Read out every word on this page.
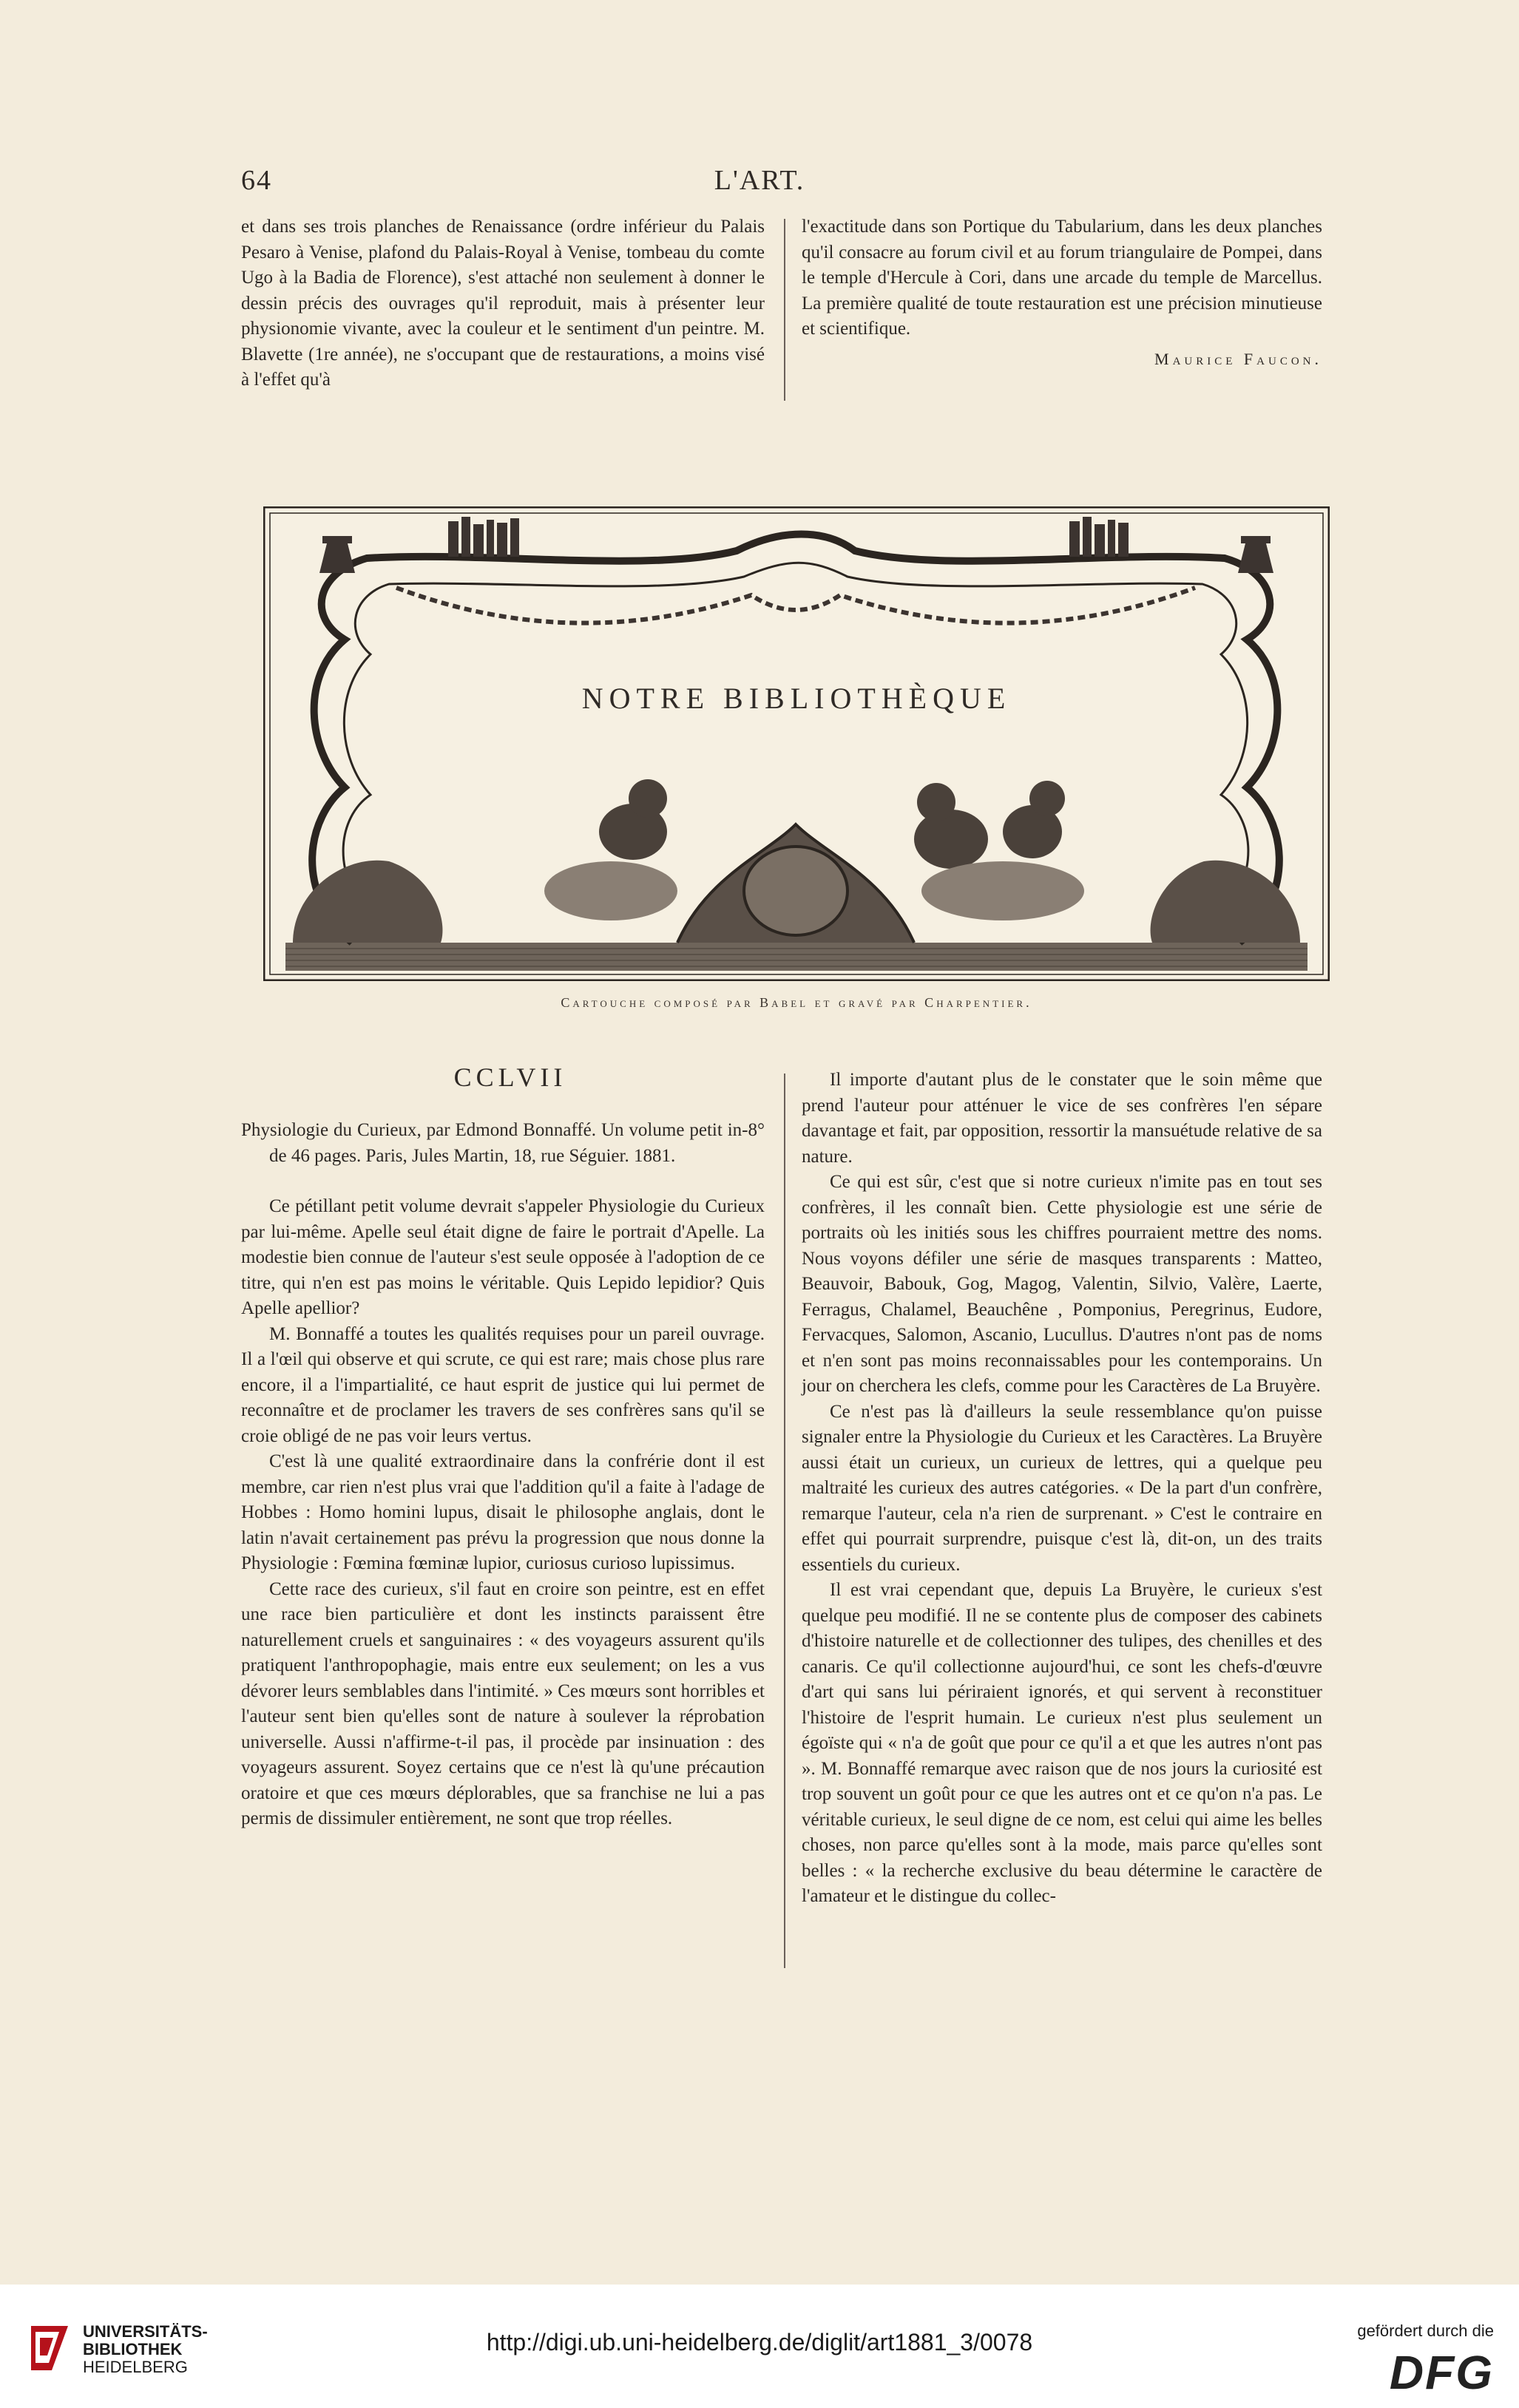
64	L'ART.

et dans ses trois planches de Renaissance (ordre inférieur du Palais Pesaro à Venise, plafond du Palais-Royal à Venise, tombeau du comte Ugo à la Badia de Florence), s'est attaché non seulement à donner le dessin précis des ouvrages qu'il reproduit, mais à présenter leur physionomie vivante, avec la couleur et le sentiment d'un peintre. M. Blavette (1re année), ne s'occupant que de restaurations, a moins visé à l'effet qu'à

l'exactitude dans son Portique du Tabularium, dans les deux planches qu'il consacre au forum civil et au forum triangulaire de Pompei, dans le temple d'Hercule à Cori, dans une arcade du temple de Marcellus. La première qualité de toute restauration est une précision minutieuse et scientifique.

Maurice Faucon.
NOTRE BIBLIOTHÈQUE
Cartouche composé par Babel et gravé par Charpentier.
CCLVII

Physiologie du Curieux, par Edmond Bonnaffé. Un volume petit in-8° de 46 pages. Paris, Jules Martin, 18, rue Séguier. 1881.

Ce pétillant petit volume devrait s'appeler Physiologie du Curieux par lui-même. Apelle seul était digne de faire le portrait d'Apelle. La modestie bien connue de l'auteur s'est seule opposée à l'adoption de ce titre, qui n'en est pas moins le véritable. Quis Lepido lepidior? Quis Apelle apellior?

M. Bonnaffé a toutes les qualités requises pour un pareil ouvrage. Il a l'œil qui observe et qui scrute, ce qui est rare; mais chose plus rare encore, il a l'impartialité, ce haut esprit de justice qui lui permet de reconnaître et de proclamer les travers de ses confrères sans qu'il se croie obligé de ne pas voir leurs vertus.

C'est là une qualité extraordinaire dans la confrérie dont il est membre, car rien n'est plus vrai que l'addition qu'il a faite à l'adage de Hobbes : Homo homini lupus, disait le philosophe anglais, dont le latin n'avait certainement pas prévu la progression que nous donne la Physiologie : Fœmina fœminæ lupior, curiosus curioso lupissimus.

Cette race des curieux, s'il faut en croire son peintre, est en effet une race bien particulière et dont les instincts paraissent être naturellement cruels et sanguinaires : « des voyageurs assurent qu'ils pratiquent l'anthropophagie, mais entre eux seulement; on les a vus dévorer leurs semblables dans l'intimité. » Ces mœurs sont horribles et l'auteur sent bien qu'elles sont de nature à soulever la réprobation universelle. Aussi n'affirme-t-il pas, il procède par insinuation : des voyageurs assurent. Soyez certains que ce n'est là qu'une précaution oratoire et que ces mœurs déplorables, que sa franchise ne lui a pas permis de dissimuler entièrement, ne sont que trop réelles.

Il importe d'autant plus de le constater que le soin même que prend l'auteur pour atténuer le vice de ses confrères l'en sépare davantage et fait, par opposition, ressortir la mansuétude relative de sa nature.

Ce qui est sûr, c'est que si notre curieux n'imite pas en tout ses confrères, il les connaît bien. Cette physiologie est une série de portraits où les initiés sous les chiffres pourraient mettre des noms. Nous voyons défiler une série de masques transparents : Matteo, Beauvoir, Babouk, Gog, Magog, Valentin, Silvio, Valère, Laerte, Ferragus, Chalamel, Beauchêne , Pomponius, Peregrinus, Eudore, Fervacques, Salomon, Ascanio, Lucullus. D'autres n'ont pas de noms et n'en sont pas moins reconnaissables pour les contemporains. Un jour on cherchera les clefs, comme pour les Caractères de La Bruyère.

Ce n'est pas là d'ailleurs la seule ressemblance qu'on puisse signaler entre la Physiologie du Curieux et les Caractères. La Bruyère aussi était un curieux, un curieux de lettres, qui a quelque peu maltraité les curieux des autres catégories. « De la part d'un confrère, remarque l'auteur, cela n'a rien de surprenant. » C'est le contraire en effet qui pourrait surprendre, puisque c'est là, dit-on, un des traits essentiels du curieux.

Il est vrai cependant que, depuis La Bruyère, le curieux s'est quelque peu modifié. Il ne se contente plus de composer des cabinets d'histoire naturelle et de collectionner des tulipes, des chenilles et des canaris. Ce qu'il collectionne aujourd'hui, ce sont les chefs-d'œuvre d'art qui sans lui périraient ignorés, et qui servent à reconstituer l'histoire de l'esprit humain. Le curieux n'est plus seulement un égoïste qui « n'a de goût que pour ce qu'il a et que les autres n'ont pas ». M. Bonnaffé remarque avec raison que de nos jours la curiosité est trop souvent un goût pour ce que les autres ont et ce qu'on n'a pas. Le véritable curieux, le seul digne de ce nom, est celui qui aime les belles choses, non parce qu'elles sont à la mode, mais parce qu'elles sont belles : « la recherche exclusive du beau détermine le caractère de l'amateur et le distingue du collec-

UNIVERSITÄTS-
BIBLIOTHEK
HEIDELBERG
http://digi.ub.uni-heidelberg.de/diglit/art1881_3/0078	gefördert durch die
DFG
